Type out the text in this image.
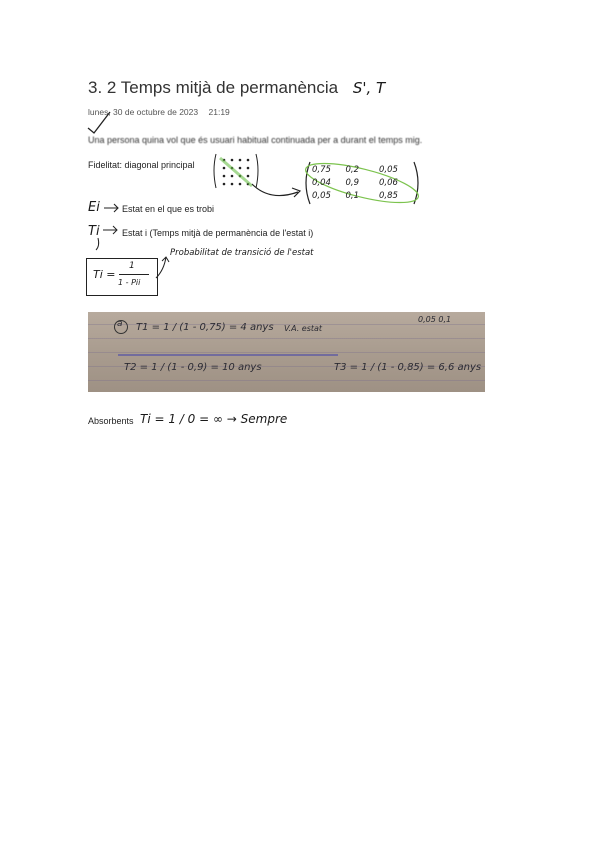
3. 2 Temps mitjà de permanència S', T
lunes, 30 de octubre de 2023 21:19
Una persona quina vol que és usuari habitual continuada per a durant el temps mig.
Fidelitat: diagonal principal	0,75	0,2	0,05
0,04	0,9	0,06
0,05	0,1	0,85
Ei Estat en el que es trobi
Ti Estat i (Temps mitjà de permanència de l'estat i)
Ti =
1
1 - Pii
Probabilitat de transició de l'estat
a T1 = 1 / (1 - 0,75) = 4 anys V.A. estat
0,05 0,1
T2 = 1 / (1 - 0,9) = 10 anys	T3 = 1 / (1 - 0,85) = 6,6 anys
Absorbents Ti = 1 / 0 = ∞ → Sempre
